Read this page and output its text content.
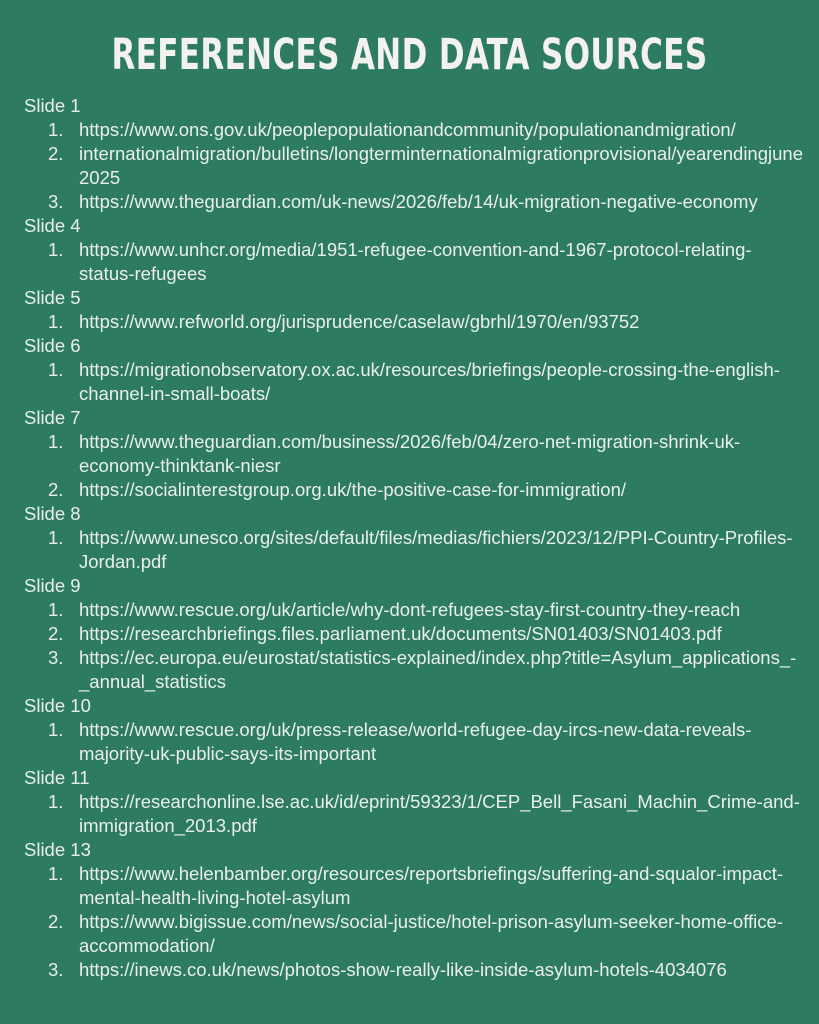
REFERENCES AND DATA SOURCES
Slide 1
1. https://www.ons.gov.uk/peoplepopulationandcommunity/populationandmigration/
2. internationalmigration/bulletins/longterminternationalmigrationprovisional/yearendingjune2025
3. https://www.theguardian.com/uk-news/2026/feb/14/uk-migration-negative-economy
Slide 4
1. https://www.unhcr.org/media/1951-refugee-convention-and-1967-protocol-relating-status-refugees
Slide 5
1. https://www.refworld.org/jurisprudence/caselaw/gbrhl/1970/en/93752
Slide 6
1. https://migrationobservatory.ox.ac.uk/resources/briefings/people-crossing-the-english-channel-in-small-boats/
Slide 7
1. https://www.theguardian.com/business/2026/feb/04/zero-net-migration-shrink-uk-economy-thinktank-niesr
2. https://socialinterestgroup.org.uk/the-positive-case-for-immigration/
Slide 8
1. https://www.unesco.org/sites/default/files/medias/fichiers/2023/12/PPI-Country-Profiles-Jordan.pdf
Slide 9
1. https://www.rescue.org/uk/article/why-dont-refugees-stay-first-country-they-reach
2. https://researchbriefings.files.parliament.uk/documents/SN01403/SN01403.pdf
3. https://ec.europa.eu/eurostat/statistics-explained/index.php?title=Asylum_applications_-_annual_statistics
Slide 10
1. https://www.rescue.org/uk/press-release/world-refugee-day-ircs-new-data-reveals-majority-uk-public-says-its-important
Slide 11
1. https://researchonline.lse.ac.uk/id/eprint/59323/1/CEP_Bell_Fasani_Machin_Crime-and-immigration_2013.pdf
Slide 13
1. https://www.helenbamber.org/resources/reportsbriefings/suffering-and-squalor-impact-mental-health-living-hotel-asylum
2. https://www.bigissue.com/news/social-justice/hotel-prison-asylum-seeker-home-office-accommodation/
3. https://inews.co.uk/news/photos-show-really-like-inside-asylum-hotels-4034076
